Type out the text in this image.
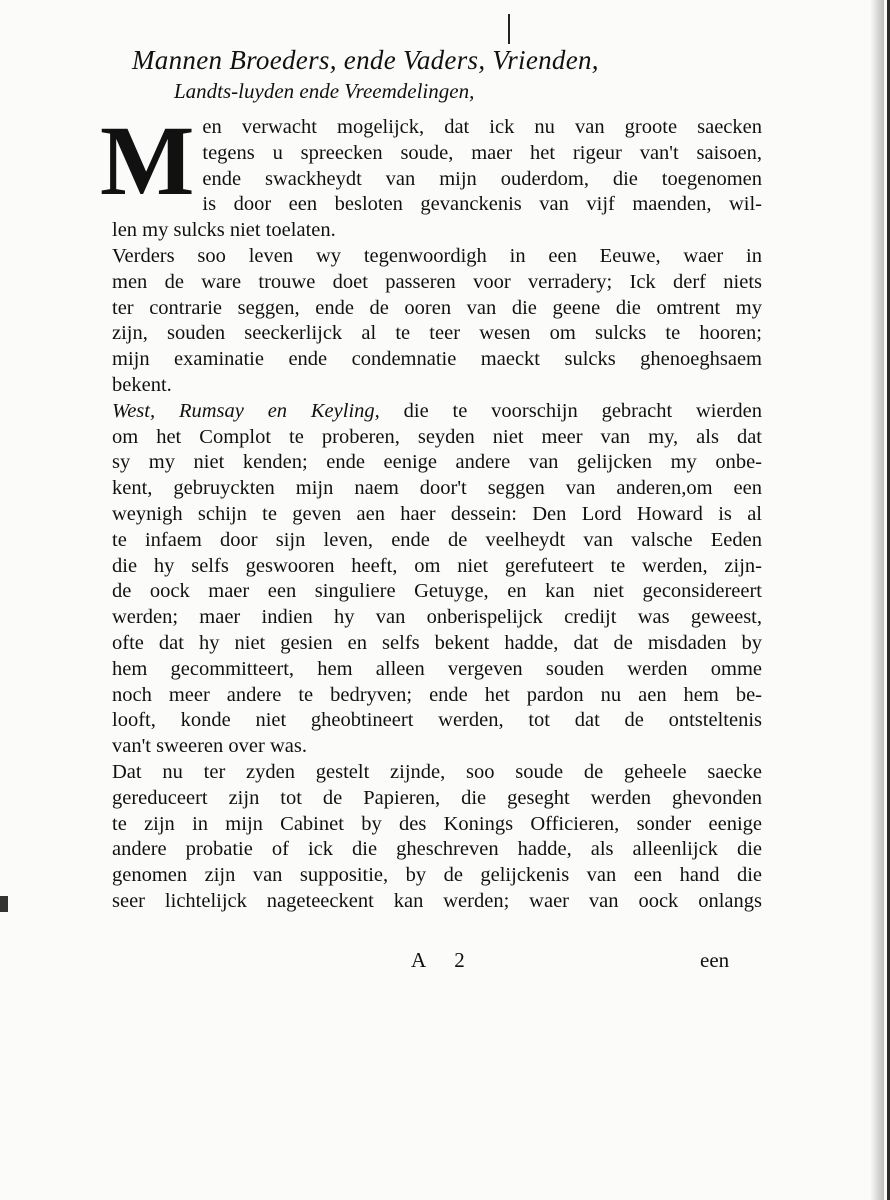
Mannen Broeders, ende Vaders, Vrienden,
Landts-luyden ende Vreemdelingen,

M en verwacht mogelijck, dat ick nu van groote saecken
tegens u spreecken soude, maer het rigeur van't saisoen,
ende swackheydt van mijn ouderdom, die toegenomen
is door een besloten gevanckenis van vijf maenden, wil-
len my sulcks niet toelaten.

Verders soo leven wy tegenwoordigh in een Eeuwe, waer in
men de ware trouwe doet passeren voor verradery; Ick derf niets
ter contrarie seggen, ende de ooren van die geene die omtrent my
zijn, souden seeckerlijck al te teer wesen om sulcks te hooren;
mijn examinatie ende condemnatie maeckt sulcks ghenoeghsaem
bekent.

West, Rumsay en Keyling, die te voorschijn gebracht wierden
om het Complot te proberen, seyden niet meer van my, als dat
sy my niet kenden; ende eenige andere van gelijcken my onbe-
kent, gebruyckten mijn naem door't seggen van anderen,om een
weynigh schijn te geven aen haer dessein: Den Lord Howard is al
te infaem door sijn leven, ende de veelheydt van valsche Eeden
die hy selfs geswooren heeft, om niet gerefuteert te werden, zijn-
de oock maer een singuliere Getuyge, en kan niet geconsidereert
werden; maer indien hy van onberispelijck credijt was geweest,
ofte dat hy niet gesien en selfs bekent hadde, dat de misdaden by
hem gecommitteert, hem alleen vergeven souden werden omme
noch meer andere te bedryven; ende het pardon nu aen hem be-
looft, konde niet gheobtineert werden, tot dat de ontsteltenis
van't sweeren over was.

Dat nu ter zyden gestelt zijnde, soo soude de geheele saecke
gereduceert zijn tot de Papieren, die geseght werden ghevonden
te zijn in mijn Cabinet by des Konings Officieren, sonder eenige
andere probatie of ick die gheschreven hadde, als alleenlijck die
genomen zijn van suppositie, by de gelijckenis van een hand die
seer lichtelijck nageteeckent kan werden; waer van oock onlangs

A 2	een
